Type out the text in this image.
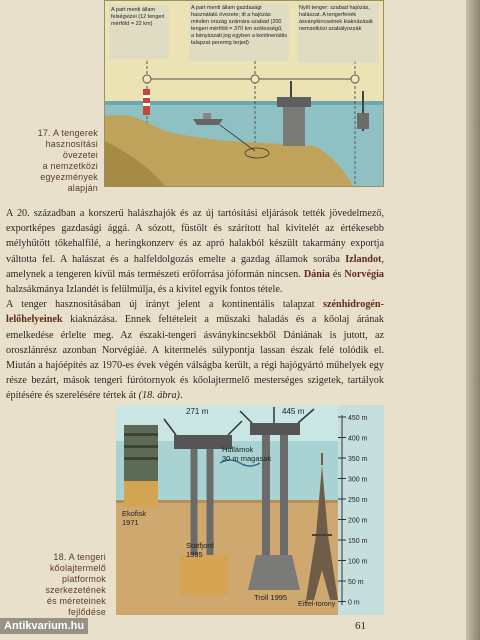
A part menti állam felségvizei (12 tengeri mérföld = 22 km)
A part menti állam gazdasági használatú övezete; itt a hajózás minden ország számára szabad (200 tengeri mérföld = 370 km szélességű, a bányászati jog egyben a kontinentális talapzat peremig terjed)
Nyílt tenger: szabad hajózás, halászat. A tengerfenék ásványkincseinek kiaknázását nemzetközi szabályozzák
17. A tengerek
hasznosítási
övezetei
a nemzetközi
egyezmények
alapján

A 20. században a korszerű halászhajók és az új tartósítási eljárások tették jövedelmező, exportképes gazdasági ággá. A sózott, füstölt és szárított hal kivitelét az értékesebb mélyhűtött tőkehalfilé, a heringkonzerv és az apró halakból készült takarmány exportja váltotta fel. A halászat és a halfeldolgozás emelte a gazdag államok sorába Izlandot, amelynek a tengeren kívül más természeti erőforrása jóformán nincsen. Dánia és Norvégia halzsákmánya Izlandét is felülmúlja, és a kivitel egyik fontos tétele.

A tenger hasznosításában új irányt jelent a kontinentális talapzat szénhidrogén-lelőhelyeinek kiaknázása. Ennek feltételeit a műszaki haladás és a kőolaj árának emelkedése érlelte meg. Az északi-tengeri ásványkincsekből Dániának is jutott, az oroszlánrész azonban Norvégiáé. A kitermelés súlypontja lassan észak felé tolódik el. Miután a hajóépítés az 1970-es évek végén válságba került, a régi hajógyártó műhelyek egy része bezárt, mások tengeri fúrótornyok és kőolajtermelő mesterséges szigetek, tartályok építésére és szerelésére tértek át (18. ábra).

450 m
400 m
350 m
300 m
250 m
200 m
150 m
100 m
50 m
0 m
271 m	445 m
Hullámok
30 m magasak
Ekofisk
1971
Statfjord
1985
Troll 1995
Eiffel-torony
18. A tengeri
kőolajtermelő
platformok
szerkezetének
és méreteinek
fejlődése
61
Antikvarium.hu
